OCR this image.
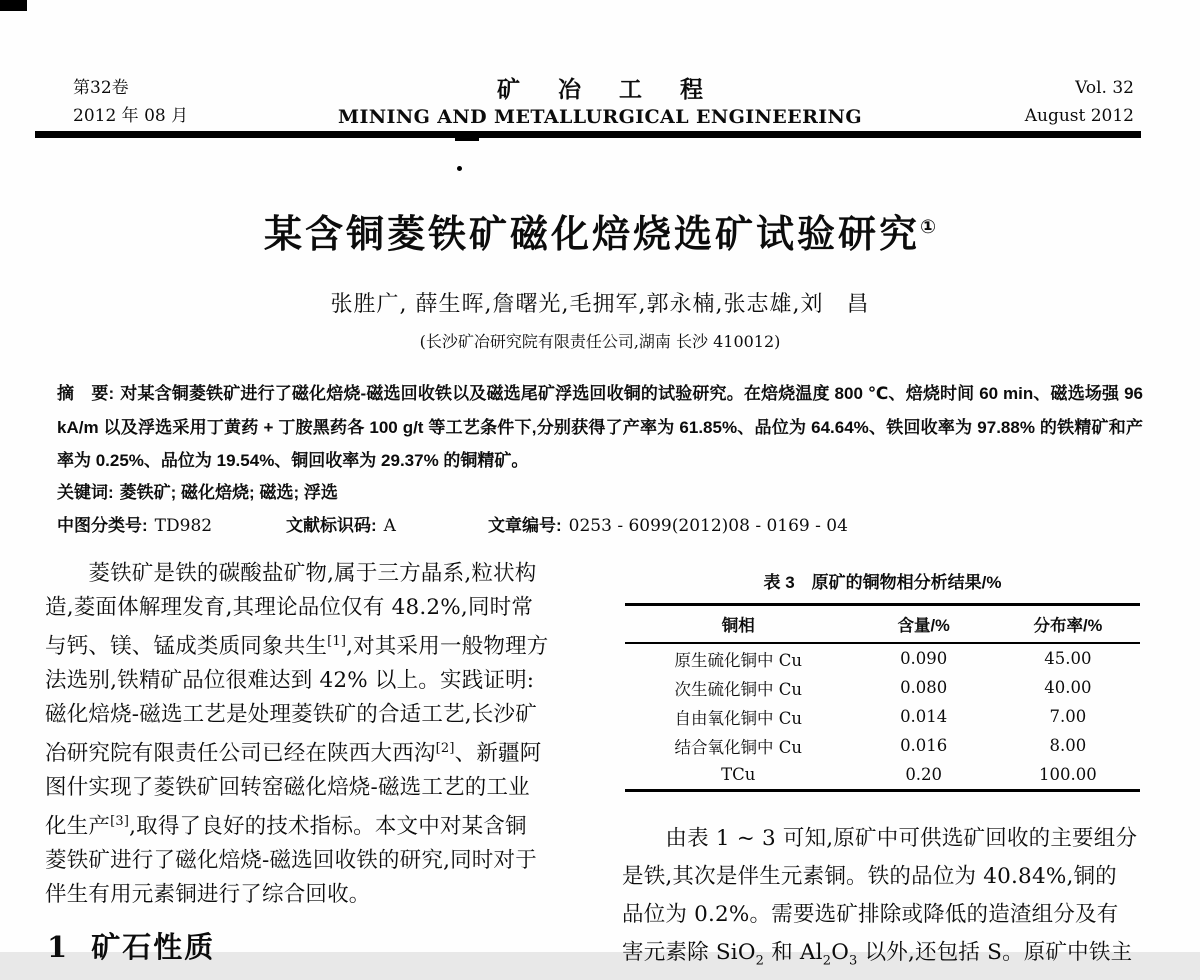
第32卷
2012 年 08 月
矿冶工程
MINING AND METALLURGICAL ENGINEERING
Vol. 32
August 2012
某含铜菱铁矿磁化焙烧选矿试验研究①
张胜广, 薛生晖,詹曙光,毛拥军,郭永楠,张志雄,刘　昌
(长沙矿冶研究院有限责任公司,湖南 长沙 410012)
摘　要: 对某含铜菱铁矿进行了磁化焙烧-磁选回收铁以及磁选尾矿浮选回收铜的试验研究。在焙烧温度 800 ℃、焙烧时间 60 min、磁选场强 96 kA/m 以及浮选采用丁黄药 + 丁胺黑药各 100 g/t 等工艺条件下,分别获得了产率为 61.85%、品位为 64.64%、铁回收率为 97.88% 的铁精矿和产率为 0.25%、品位为 19.54%、铜回收率为 29.37% 的铜精矿。
关键词: 菱铁矿; 磁化焙烧; 磁选; 浮选
中图分类号: TD982	文献标识码: A	文章编号: 0253 - 6099(2012)08 - 0169 - 04
　　菱铁矿是铁的碳酸盐矿物,属于三方晶系,粒状构
造,菱面体解理发育,其理论品位仅有 48.2%,同时常
与钙、镁、锰成类质同象共生[1],对其采用一般物理方
法选别,铁精矿品位很难达到 42% 以上。实践证明:
磁化焙烧-磁选工艺是处理菱铁矿的合适工艺,长沙矿
冶研究院有限责任公司已经在陕西大西沟[2]、新疆阿
图什实现了菱铁矿回转窑磁化焙烧-磁选工艺的工业
化生产[3],取得了良好的技术指标。本文中对某含铜
菱铁矿进行了磁化焙烧-磁选回收铁的研究,同时对于
伴生有用元素铜进行了综合回收。
1 矿石性质
表 3　原矿的铜物相分析结果/%
铜相	含量/%	分布率/%
原生硫化铜中 Cu	0.090	45.00
次生硫化铜中 Cu	0.080	40.00
自由氧化铜中 Cu	0.014	7.00
结合氧化铜中 Cu	0.016	8.00
TCu	0.20	100.00
　　由表 1 ~ 3 可知,原矿中可供选矿回收的主要组分
是铁,其次是伴生元素铜。铁的品位为 40.84%,铜的
品位为 0.2%。需要选矿排除或降低的造渣组分及有
害元素除 SiO$_2$ 和 $Al_2O_3$ 以外,还包括 S。原矿中铁主
